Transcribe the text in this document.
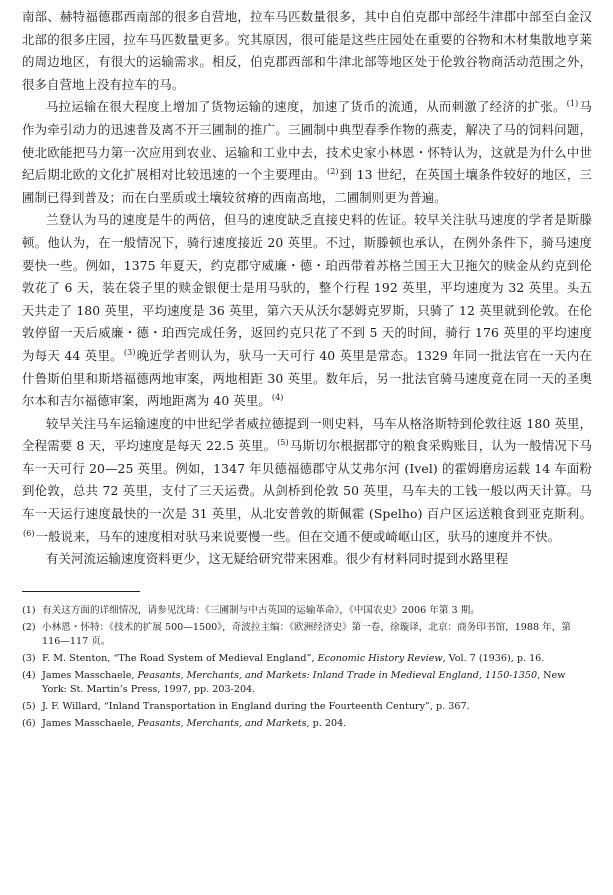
南部、赫特福德郡西南部的很多自营地，拉车马匹数量很多，其中自伯克郡中部经牛津郡中部至白金汉北部的很多庄园，拉车马匹数量更多。究其原因，很可能是这些庄园处在重要的谷物和木材集散地亨莱的周边地区，有很大的运输需求。相反，伯克郡西部和牛津北部等地区处于伦敦谷物商活动范围之外，很多自营地上没有拉车的马。

马拉运输在很大程度上增加了货物运输的速度，加速了货币的流通，从而刺激了经济的扩张。$^{(1)}$马作为牵引动力的迅速普及离不开三圃制的推广。三圃制中典型春季作物的燕麦，解决了马的饲料问题，使北欧能把马力第一次应用到农业、运输和工业中去，技术史家小林恩・怀特认为，这就是为什么中世纪后期北欧的文化扩展相对比较迅速的一个主要理由。$^{(2)}$到 13 世纪，在英国土壤条件较好的地区，三圃制已得到普及；而在白垩质或土壤较贫瘠的西南高地，二圃制则更为普遍。

兰登认为马的速度是牛的两倍，但马的速度缺乏直接史料的佐证。较早关注驮马速度的学者是斯滕顿。他认为，在一般情况下，骑行速度接近 20 英里。不过，斯滕顿也承认，在例外条件下，骑马速度要快一些。例如，1375 年夏天，约克郡守威廉・德・珀西带着苏格兰国王大卫拖欠的赎金从约克到伦敦花了 6 天，装在袋子里的赎金银便士是用马驮的，整个行程 192 英里，平均速度为 32 英里。头五天共走了 180 英里，平均速度是 36 英里，第六天从沃尔瑟姆克罗斯，只骑了 12 英里就到伦敦。在伦敦停留一天后威廉・德・珀西完成任务，返回约克只花了不到 5 天的时间，骑行 176 英里的平均速度为每天 44 英里。$^{(3)}$晚近学者则认为，驮马一天可行 40 英里是常态。1329 年同一批法官在一天内在什鲁斯伯里和斯塔福德两地审案，两地相距 30 英里。数年后，另一批法官骑马速度竟在同一天的圣奥尔本和吉尔福德审案，两地距离为 40 英里。$^{(4)}$

较早关注马车运输速度的中世纪学者威拉德提到一则史料，马车从格洛斯特到伦敦往返 180 英里，全程需要 8 天，平均速度是每天 22.5 英里。$^{(5)}$马斯切尔根据郡守的粮食采购账目，认为一般情况下马车一天可行 20—25 英里。例如，1347 年贝德福德郡守从艾弗尔河 (Ivel) 的霍姆磨房运载 14 车面粉到伦敦，总共 72 英里，支付了三天运费。从剑桥到伦敦 50 英里，马车夫的工钱一般以两天计算。马车一天运行速度最快的一次是 31 英里，从北安普敦的斯佩霍 (Spelho) 百户区运送粮食到亚克斯利。$^{(6)}$一般说来，马车的速度相对驮马来说要慢一些。但在交通不便或崎岖山区，驮马的速度并不快。

有关河流运输速度资料更少，这无疑给研究带来困难。很少有材料同时提到水路里程

(1) 有关这方面的详细情况，请参见沈琦：《三圃制与中古英国的运输革命》，《中国农史》2006 年第 3 期。
(2) 小林恩・怀特：《技术的扩展 500—1500》，奇波拉主编：《欧洲经济史》第一卷，徐璇译，北京：商务印书馆，1988 年，第 116—117 页。
(3) F. M. Stenton, “The Road System of Medieval England”, Economic History Review, Vol. 7 (1936), p. 16.
(4) James Masschaele, Peasants, Merchants, and Markets: Inland Trade in Medieval England, 1150-1350, New York: St. Martin’s Press, 1997, pp. 203-204.
(5) J. F. Willard, “Inland Transportation in England during the Fourteenth Century”, p. 367.
(6) James Masschaele, Peasants, Merchants, and Markets, p. 204.
